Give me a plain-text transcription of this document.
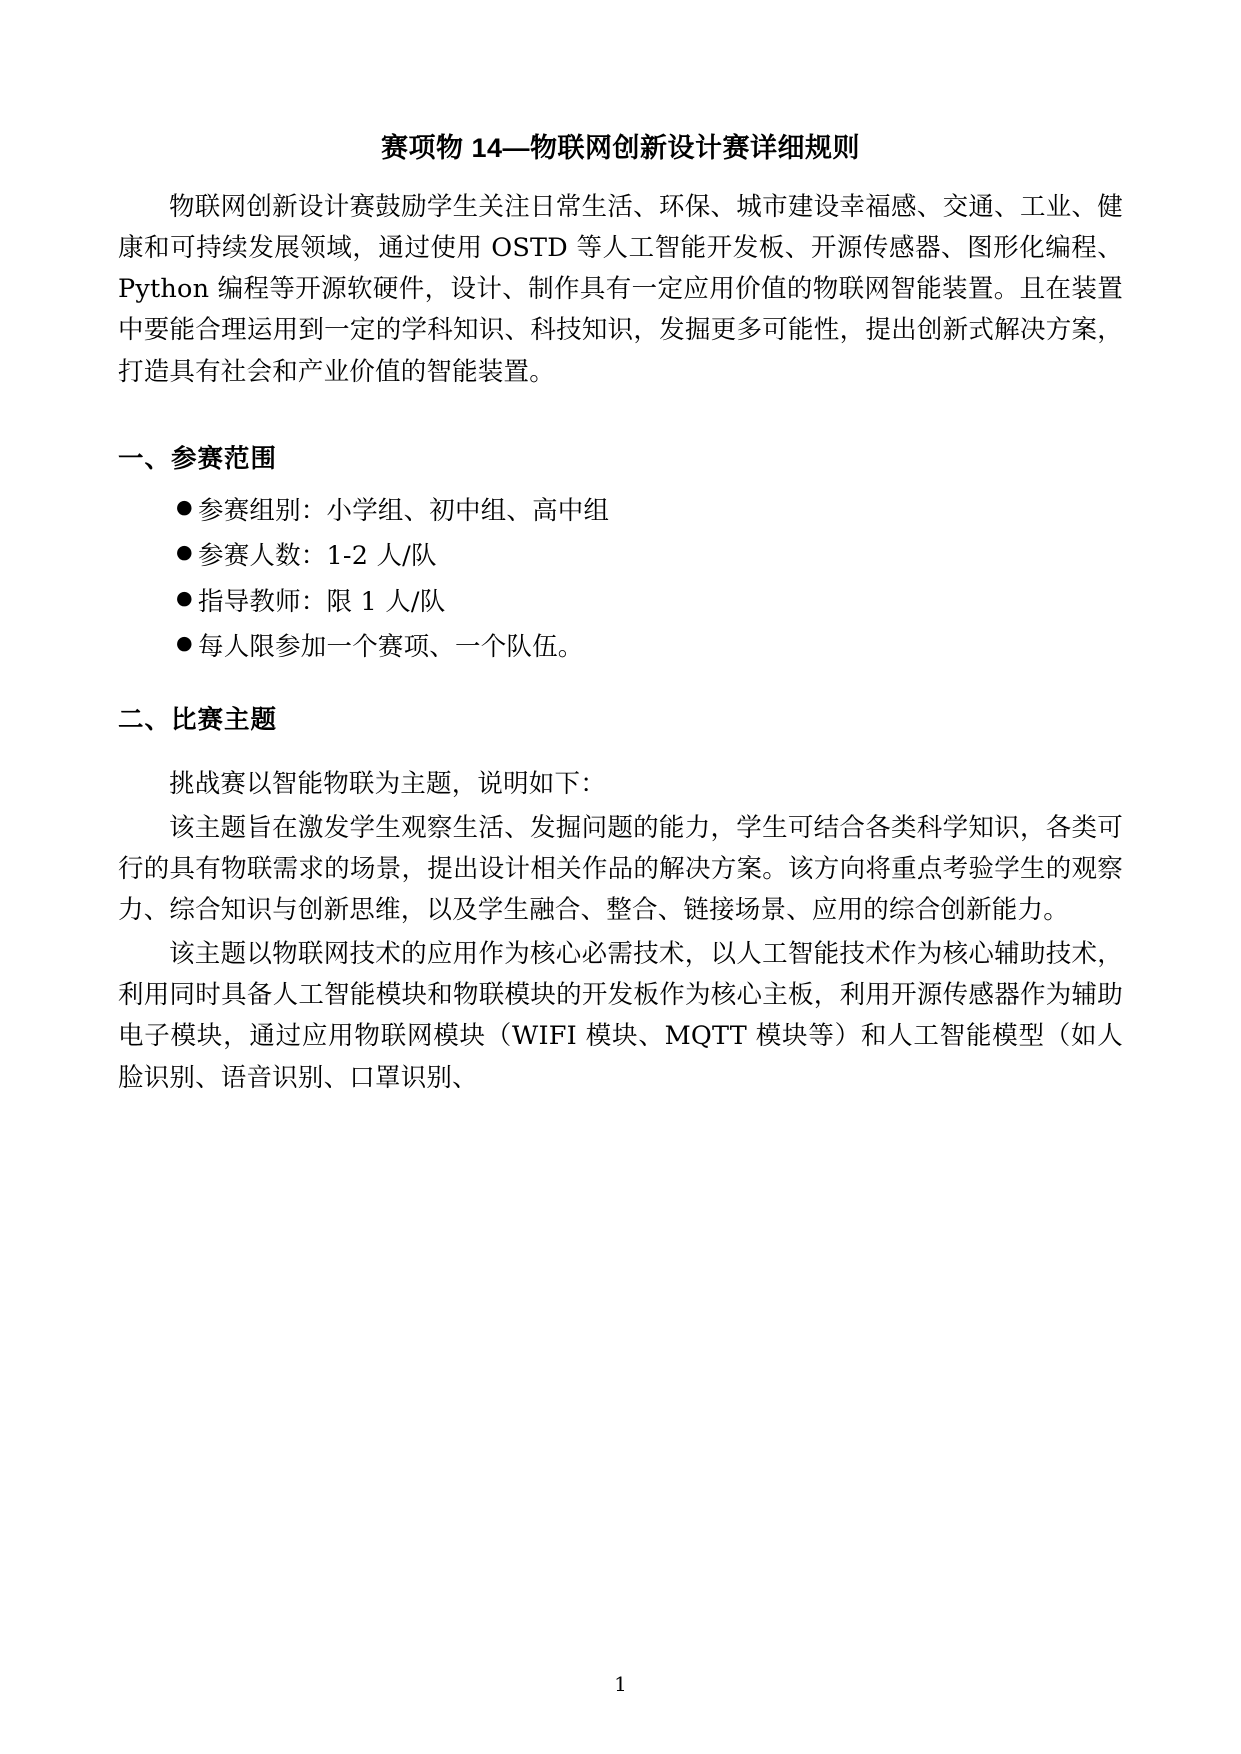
赛项物 14—物联网创新设计赛详细规则

物联网创新设计赛鼓励学生关注日常生活、环保、城市建设幸福感、交通、工业、健康和可持续发展领域，通过使用 OSTD 等人工智能开发板、开源传感器、图形化编程、Python 编程等开源软硬件，设计、制作具有一定应用价值的物联网智能装置。且在装置中要能合理运用到一定的学科知识、科技知识，发掘更多可能性，提出创新式解决方案，打造具有社会和产业价值的智能装置。

一、参赛范围
● 参赛组别：小学组、初中组、高中组
● 参赛人数：1-2 人/队
● 指导教师：限 1 人/队
● 每人限参加一个赛项、一个队伍。
二、比赛主题

挑战赛以智能物联为主题，说明如下：

该主题旨在激发学生观察生活、发掘问题的能力，学生可结合各类科学知识，各类可行的具有物联需求的场景，提出设计相关作品的解决方案。该方向将重点考验学生的观察力、综合知识与创新思维，以及学生融合、整合、链接场景、应用的综合创新能力。

该主题以物联网技术的应用作为核心必需技术，以人工智能技术作为核心辅助技术，利用同时具备人工智能模块和物联模块的开发板作为核心主板，利用开源传感器作为辅助电子模块，通过应用物联网模块（WIFI 模块、MQTT 模块等）和人工智能模型（如人脸识别、语音识别、口罩识别、

1
